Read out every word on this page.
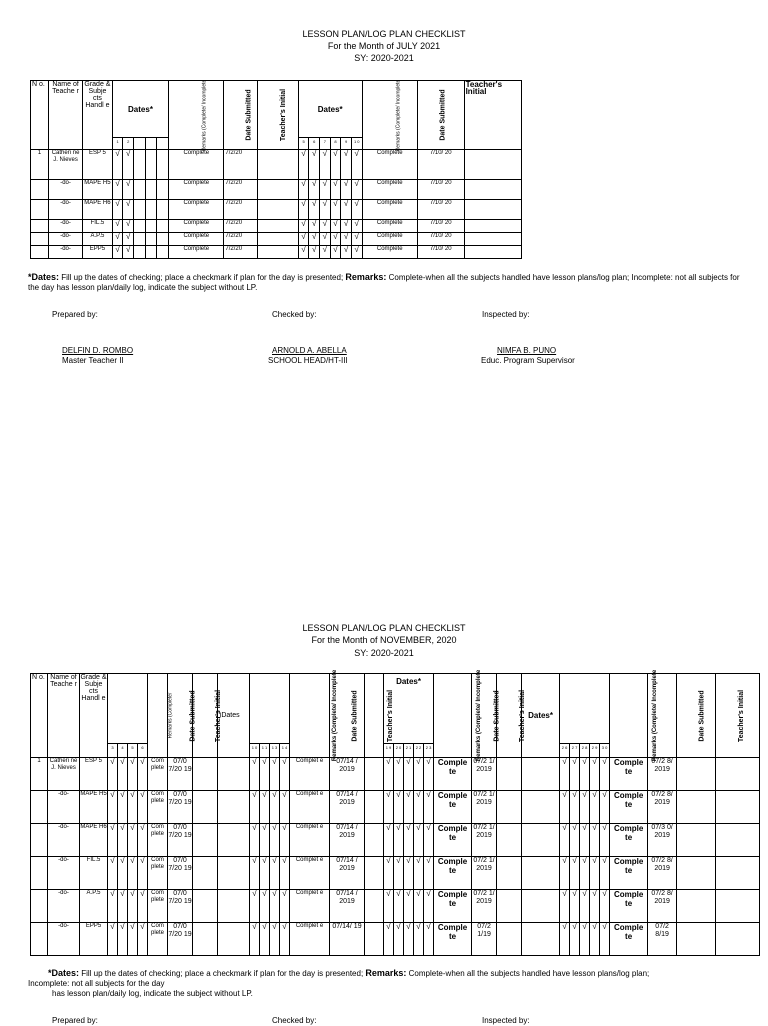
LESSON PLAN/LOG PLAN CHECKLIST
For the Month of JULY 2021
SY: 2020-2021
N o.	Name of Teache r	Grade & Subje cts Handl e	Dates*					Remarks (Complete/ Incomplete	Date Submitted	Teacher's Initial	Dates*						Remarks (Complete/ Incomplete	Date Submitted	Teacher's Initial
			1	2							5	6	7	8	9	1 0			
1	Catheri ne J. Nieves	ESP 5	√	√				Complete	7/2/20		√	√	√	√	√	√	Complete	7/10/ 20	
	-do-	MAPE H5	√	√				Complete	7/2/20		√	√	√	√	√	√	Complete	7/10/ 20	
	-do-	MAPE H6	√	√				Complete	7/2/20		√	√	√	√	√	√	Complete	7/10/ 20	
	-do-	FIL.5	√	√				Complete	7/2/20		√	√	√	√	√	√	Complete	7/10/ 20	
	-do-	A.P.5	√	√				Complete	7/2/20		√	√	√	√	√	√	Complete	7/10/ 20	
	-do-	EPP5	√	√				Complete	7/2/20		√	√	√	√	√	√	Complete	7/10/ 20	
*Dates: Fill up the dates of checking; place a checkmark if plan for the day is presented; Remarks: Complete-when all the subjects handled have lesson plans/log plan; Incomplete: not all subjects for the day has lesson plan/daily log, indicate the subject without LP.
Prepared by:	Checked by:	Inspected by:
DELFIN D. ROMBO
Master Teacher II
ARNOLD A. ABELLA
SCHOOL HEAD/HT-III
NIMFA B. PUNO
Educ. Program Supervisor
LESSON PLAN/LOG PLAN CHECKLIST
For the Month of NOVEMBER, 2020
SY: 2020-2021
N o.	Name of Teache r	Grade & Subje cts Handl e					Remarks (Complete/	Date Submitted	Teacher's Initial	)Dates					Remarks (Complete/ Incomplete	Date Submitted	Teacher's Initial	Dates*					Remarks (Complete/ Incomplete	Date Submitted	Teacher's Initial	Dates*						Remarks (Complete/ Incomplete		Date Submitted	Teacher's Initial
			3	4	5	6					1 0	1 1	1 3	1 4				1 9	2 0	2 1	2 2	2 3					2 6	2 7	2 8	2 9	3 0				
1	Catheri ne J. Nieves	ESP 5	√	√	√	√	Com plete	07/0 7/20 19			√	√	√	√	Complet e	07/14 / 2019		√	√	√	√	√	Comple te	07/2 1/ 2019			√	√	√	√	√	Comple te	07/2 8/ 2019		
	-do-	MAPE H5	√	√	√	√	Com plete	07/0 7/20 19			√	√	√	√	Complet e	07/14 / 2019		√	√	√	√	√	Comple te	07/2 1/ 2019			√	√	√	√	√	Comple te	07/2 8/ 2019		
	-do-	MAPE H6	√	√	√	√	Com plete	07/0 7/20 19			√	√	√	√	Complet e	07/14 / 2019		√	√	√	√	√	Comple te	07/2 1/ 2019			√	√	√	√	√	Comple te	07/3 0/ 2019		
	-do-	FIL.5	√	√	√	√	Com plete	07/0 7/20 19			√	√	√	√	Complet e	07/14 / 2019		√	√	√	√	√	Comple te	07/2 1/ 2019			√	√	√	√	√	Comple te	07/2 8/ 2019		
	-do-	A.P.5	√	√	√	√	Com plete	07/0 7/20 19			√	√	√	√	Complet e	07/14 / 2019		√	√	√	√	√	Comple te	07/2 1/ 2019			√	√	√	√	√	Comple te	07/2 8/ 2019		
	-do-	EPP5	√	√	√	√	Com plete	07/0 7/20 19			√	√	√	√	Complet e	07/14/ 19		√	√	√	√	√	Comple te	07/2 1/19			√	√	√	√	√	Comple te	07/2 8/19		
*Dates: Fill up the dates of checking; place a checkmark if plan for the day is presented; Remarks: Complete-when all the subjects handled have lesson plans/log plan;
Incomplete: not all subjects for the day
has lesson plan/daily log, indicate the subject without LP.
Prepared by:	Checked by:	Inspected by:
